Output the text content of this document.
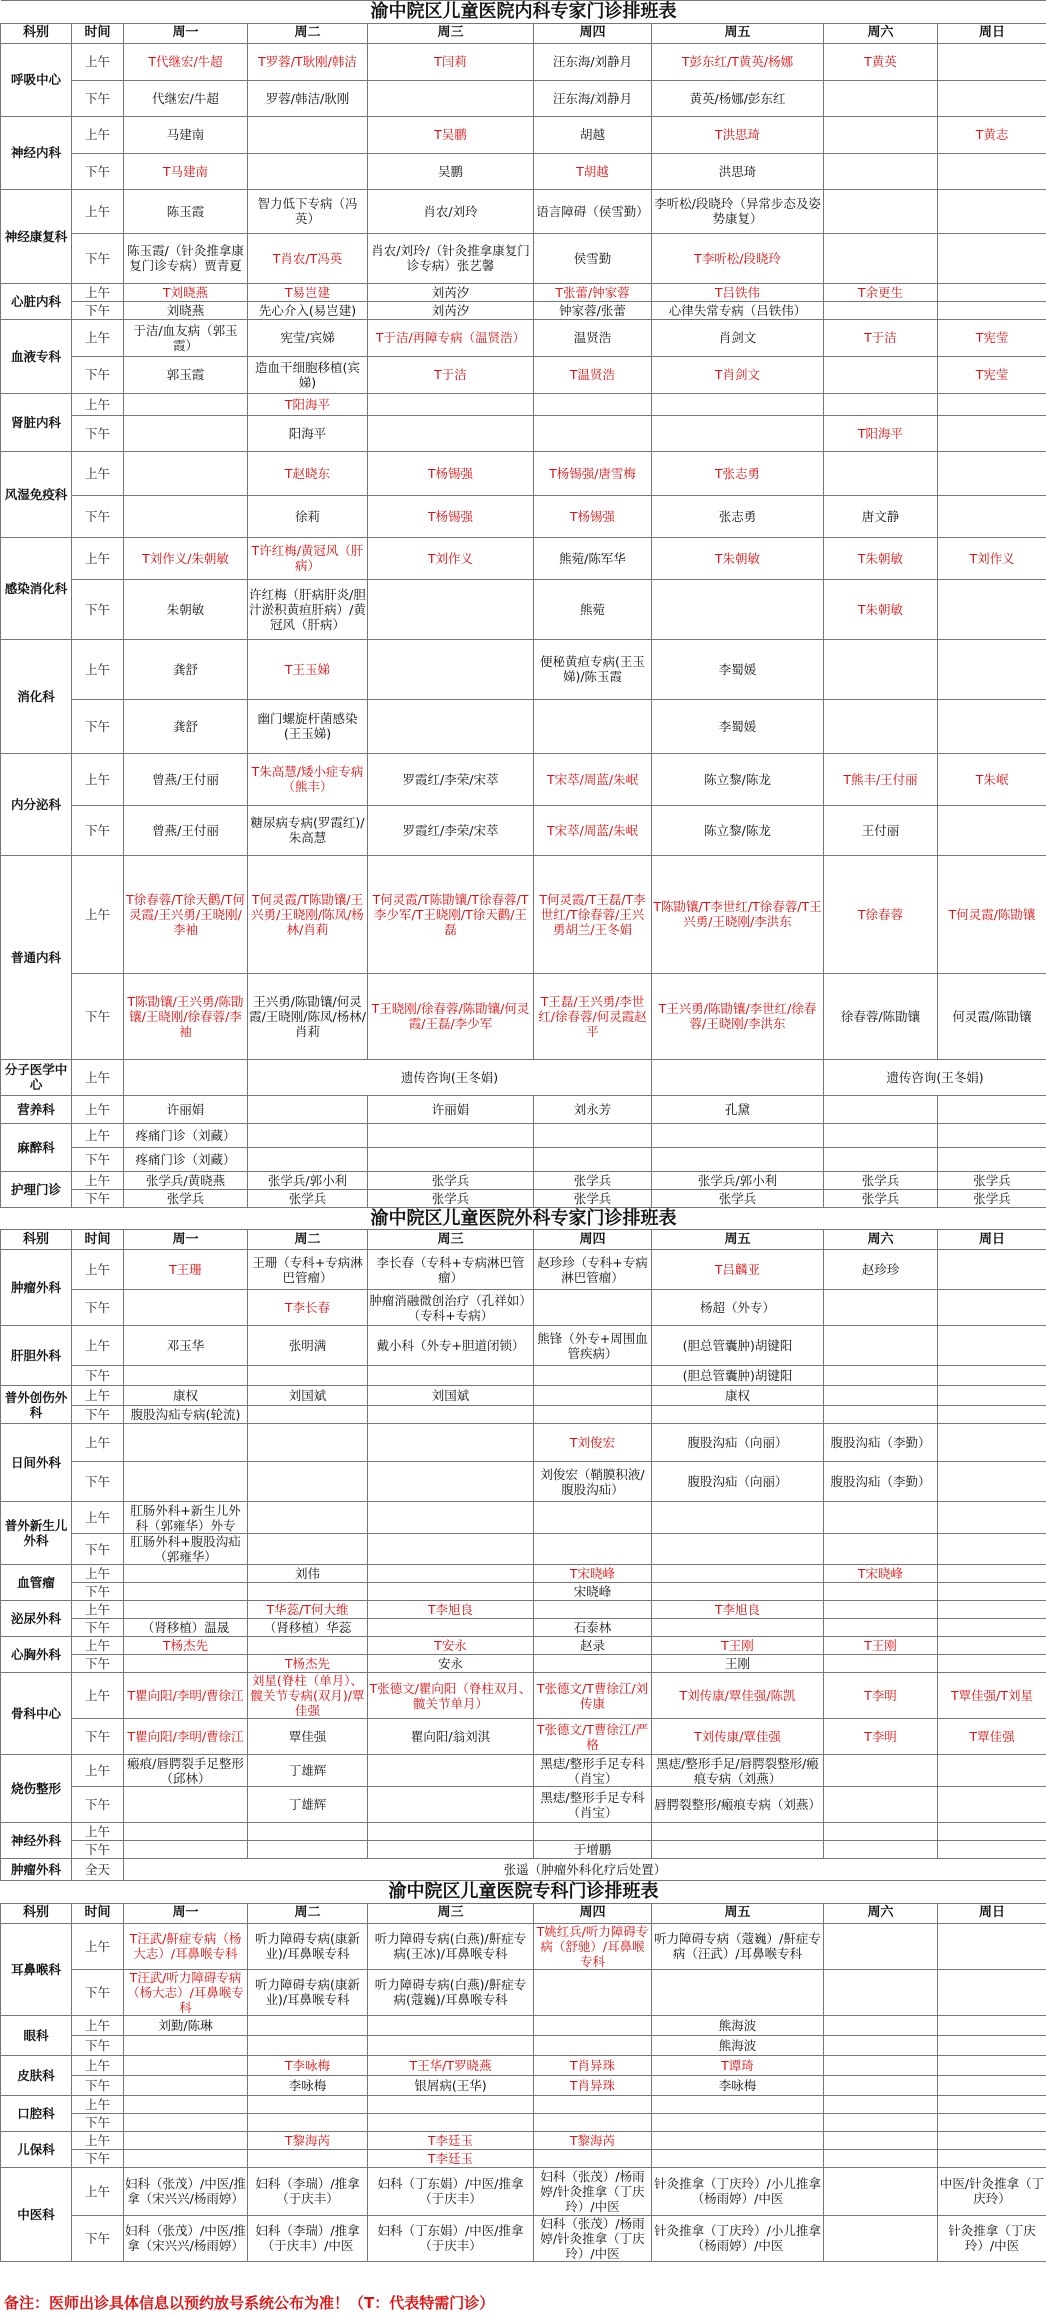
渝中院区儿童医院内科专家门诊排班表								
科别	时间	周一	周二	周三	周四	周五	周六	周日
呼吸中心	上午	T代继宏/牛超	T罗蓉/T耿刚/韩洁	T闫莉	汪东海/刘静月	T彭东红/T黄英/杨娜	T黄英	
	下午	代继宏/牛超	罗蓉/韩洁/耿刚		汪东海/刘静月	黄英/杨娜/彭东红		
神经内科	上午	马建南		T吴鹏	胡越	T洪思琦		T黄志
	下午	T马建南		吴鹏	T胡越	洪思琦		
神经康复科	上午	陈玉霞	智力低下专病（冯英）	肖农/刘玲	语言障碍（侯雪勤）	李听松/段晓玲（异常步态及姿势康复）		
	下午	陈玉霞/（针灸推拿康复门诊专病）贾青夏	T肖农/T冯英	肖农/刘玲/（针灸推拿康复门诊专病）张艺馨	侯雪勤	T李听松/段晓玲		
心脏内科	上午	T刘晓燕	T易岂建	刘芮汐	T张蕾/钟家蓉	T吕铁伟	T余更生	
	下午	刘晓燕	先心介入(易岂建)	刘芮汐	钟家蓉/张蕾	心律失常专病（吕铁伟）		
血液专科	上午	于洁/血友病（郭玉霞）	宪莹/宾娣	T于洁/再障专病（温贤浩）	温贤浩	肖剑文	T于洁	T宪莹
	下午	郭玉霞	造血干细胞移植(宾娣)	T于洁	T温贤浩	T肖剑文		T宪莹
肾脏内科	上午		T阳海平					
	下午		阳海平				T阳海平	
风湿免疫科	上午		T赵晓东	T杨锡强	T杨锡强/唐雪梅	T张志勇		
	下午		徐莉	T杨锡强	T杨锡强	张志勇	唐文静	
感染消化科	上午	T刘作义/朱朝敏	T许红梅/黄冠风（肝病）	T刘作义	熊菀/陈军华	T朱朝敏	T朱朝敏	T刘作义
	下午	朱朝敏	许红梅（肝病肝炎/胆汁淤积黄疸肝病）/黄冠风（肝病）		熊菀		T朱朝敏	
消化科	上午	龚舒	T王玉娣		便秘黄疸专病(王玉娣)/陈玉霞	李蜀媛		
	下午	龚舒	幽门螺旋杆菌感染(王玉娣)			李蜀媛		
内分泌科	上午	曾燕/王付丽	T朱高慧/矮小症专病（熊丰）	罗霞红/李荣/宋萃	T宋萃/周蓝/朱岷	陈立黎/陈龙	T熊丰/王付丽	T朱岷
	下午	曾燕/王付丽	糖尿病专病(罗霞红)/朱高慧	罗霞红/李荣/宋萃	T宋萃/周蓝/朱岷	陈立黎/陈龙	王付丽	
普通内科	上午	T徐春蓉/T徐天鹳/T何灵霞/王兴勇/王晓刚/李袖	T何灵霞/T陈勖镶/王兴勇/王晓刚/陈凤/杨林/肖莉	T何灵霞/T陈勖镶/T徐春蓉/T李少军/T王晓刚/T徐天鹳/王磊	T何灵霞/T王磊/T李世红/T徐春蓉/王兴勇胡兰/王冬娟	T陈勖镶/T李世红/T徐春蓉/T王兴勇/王晓刚/李洪东	T徐春蓉	T何灵霞/陈勖镶
	下午	T陈勖镶/王兴勇/陈勖镶/王晓刚/徐春蓉/李袖	王兴勇/陈勖镶/何灵霞/王晓刚/陈凤/杨林/肖莉	T王晓刚/徐春蓉/陈勖镶/何灵霞/王磊/李少军	T王磊/王兴勇/李世红/徐春蓉/何灵霞赵平	T王兴勇/陈勖镶/李世红/徐春蓉/王晓刚/李洪东	徐春蓉/陈勖镶	何灵霞/陈勖镶
分子医学中心	上午		遗传咨询(王冬娟)				遗传咨询(王冬娟)	
营养科	上午	许丽娟		许丽娟	刘永芳	孔黛		
麻醉科	上午	疼痛门诊（刘藏）						
	下午	疼痛门诊（刘藏）						
护理门诊	上午	张学兵/黄晓燕	张学兵/郭小利	张学兵	张学兵	张学兵/郭小利	张学兵	张学兵
	下午	张学兵	张学兵	张学兵	张学兵	张学兵	张学兵	张学兵
渝中院区儿童医院外科专家门诊排班表								
科别	时间	周一	周二	周三	周四	周五	周六	周日
肿瘤外科	上午	T王珊	王珊（专科+专病淋巴管瘤）	李长春（专科+专病淋巴管瘤）	赵珍珍（专科+专病淋巴管瘤）	T吕麟亚	赵珍珍	
	下午		T李长春	肿瘤消融微创治疗（孔祥如）（专科+专病）		杨超（外专）		
肝胆外科	上午	邓玉华	张明满	戴小科（外专+胆道闭锁）	熊锋（外专+周围血管疾病）	(胆总管囊肿)胡键阳		
	下午					(胆总管囊肿)胡键阳		
普外创伤外科	上午	康权	刘国斌	刘国斌		康权		
	下午	腹股沟疝专病(轮流)						
日间外科	上午				T刘俊宏	腹股沟疝（向丽）	腹股沟疝（李勤）	
	下午				刘俊宏（鞘膜积液/腹股沟疝）	腹股沟疝（向丽）	腹股沟疝（李勤）	
普外新生儿外科	上午	肛肠外科+新生儿外科（郭雍华）外专						
	下午	肛肠外科+腹股沟疝（郭雍华）						
血管瘤	上午		刘伟		T宋晓峰		T宋晓峰	
	下午				宋晓峰			
泌尿外科	上午		T华蕊/T何大维	T李旭良		T李旭良		
	下午	（肾移植）温晟	（肾移植）华蕊		石泰林			
心胸外科	上午	T杨杰先		T安永	赵录	T王刚	T王刚	
	下午		T杨杰先	安永		王刚		
骨科中心	上午	T瞿向阳/李明/曹徐江	刘星(脊柱（单月）、髋关节专病(双月)/覃佳强	T张德文/瞿向阳（脊柱双月、髋关节单月）	T张德文/T曹徐江/刘传康	T刘传康/覃佳强/陈凯	T李明	T覃佳强/T刘星
	下午	T瞿向阳/李明/曹徐江	覃佳强	瞿向阳/翁刘淇	T张德文/T曹徐江/严格	T刘传康/覃佳强	T李明	T覃佳强
烧伤整形	上午	瘢痕/唇腭裂手足整形（邱林）	丁雄辉		黑痣/整形手足专科（肖宝）	黑痣/整形手足/唇腭裂整形/瘢痕专病（刘燕）		
	下午		丁雄辉		黑痣/整形手足专科（肖宝）	唇腭裂整形/瘢痕专病（刘燕）		
神经外科	上午							
	下午				于增鹏			
肿瘤外科	全天	张遥（肿瘤外科化疗后处置）						
渝中院区儿童医院专科门诊排班表								
科别	时间	周一	周二	周三	周四	周五	周六	周日
耳鼻喉科	上午	T汪武/鼾症专病（杨大志）/耳鼻喉专科	听力障碍专病(康新业)/耳鼻喉专科	听力障碍专病(白燕)/鼾症专病(王冰)/耳鼻喉专科	T姚红兵/听力障碍专病（舒驰）/耳鼻喉专科	听力障碍专病（蔻巍）/鼾症专病（汪武）/耳鼻喉专科		
	下午	T汪武/听力障碍专病（杨大志）/耳鼻喉专科	听力障碍专病(康新业)/耳鼻喉专科	听力障碍专病(白燕)/鼾症专病(蔻巍)/耳鼻喉专科				
眼科	上午	刘勤/陈琳				熊海波		
	下午					熊海波		
皮肤科	上午		T李咏梅	T王华/T罗晓燕	T肖异珠	T谭琦		
	下午		李咏梅	银屑病(王华)	T肖异珠	李咏梅		
口腔科	上午							
	下午							
儿保科	上午		T黎海芮	T李廷玉	T黎海芮			
	下午			T李廷玉				
中医科	上午	妇科（张茂）/中医/推拿（宋兴兴/杨雨婷）	妇科（李瑞）/推拿（于庆丰）	妇科（丁东娟）/中医/推拿（于庆丰）	妇科（张茂）/杨雨婷/针灸推拿（丁庆玲）/中医	针灸推拿（丁庆玲）/小儿推拿（杨雨婷）/中医		中医/针灸推拿（丁庆玲）
	下午	妇科（张茂）/中医/推拿（宋兴兴/杨雨婷）	妇科（李瑞）/推拿（于庆丰）/中医	妇科（丁东娟）/中医/推拿（于庆丰）	妇科（张茂）/杨雨婷/针灸推拿（丁庆玲）/中医	针灸推拿（丁庆玲）/小儿推拿（杨雨婷）/中医		针灸推拿（丁庆玲）/中医
备注：医师出诊具体信息以预约放号系统公布为准！（T：代表特需门诊）
